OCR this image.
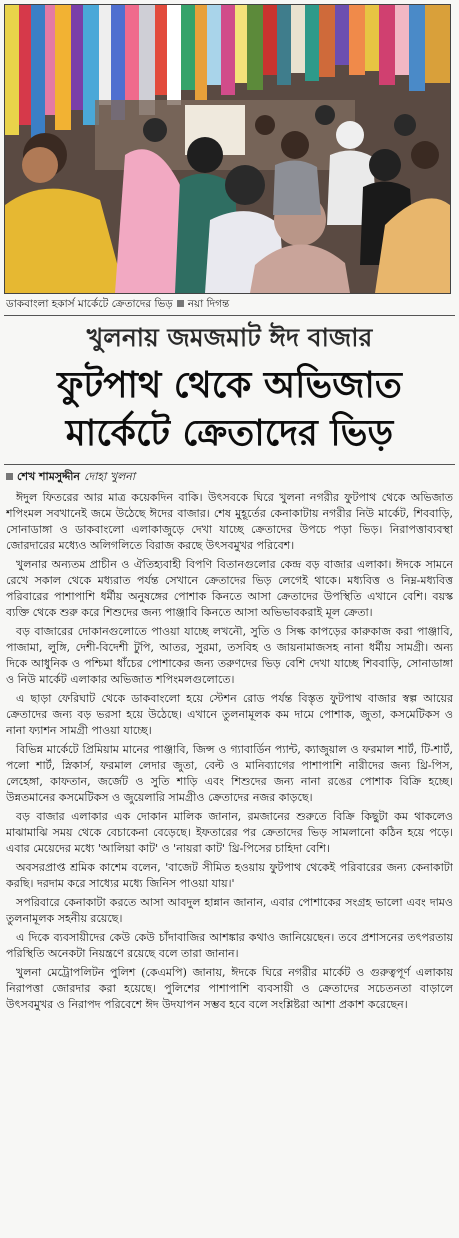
ডাকবাংলা হকার্স মার্কেটে ক্রেতাদের ভিড় নয়া দিগন্ত
খুলনায় জমজমাট ঈদ বাজার
ফুটপাথ থেকে অভিজাত
মার্কেটে ক্রেতাদের ভিড়
শেখ শামসুদ্দীন দোহা খুলনা

ঈদুল ফিতরের আর মাত্র কয়েকদিন বাকি। উৎসবকে ঘিরে খুলনা নগরীর ফুটপাথ থেকে অভিজাত শপিংমল সবখানেই জমে উঠেছে ঈদের বাজার। শেষ মুহূর্তের কেনাকাটায় নগরীর নিউ মার্কেট, শিববাড়ি, সোনাডাঙ্গা ও ডাকবাংলো এলাকাজুড়ে দেখা যাচ্ছে ক্রেতাদের উপচে পড়া ভিড়। নিরাপত্তাব্যবস্থা জোরদারের মধ্যেও অলিগলিতে বিরাজ করছে উৎসবমুখর পরিবেশ।

খুলনার অন্যতম প্রাচীন ও ঐতিহ্যবাহী বিপণি বিতানগুলোর কেন্দ্র বড় বাজার এলাকা। ঈদকে সামনে রেখে সকাল থেকে মধ্যরাত পর্যন্ত সেখানে ক্রেতাদের ভিড় লেগেই থাকে। মধ্যবিত্ত ও নিম্ন-মধ্যবিত্ত পরিবারের পাশাপাশি ধর্মীয় অনুষঙ্গের পোশাক কিনতে আসা ক্রেতাদের উপস্থিতি এখানে বেশি। বয়স্ক ব্যক্তি থেকে শুরু করে শিশুদের জন্য পাঞ্জাবি কিনতে আসা অভিভাবকরাই মূল ক্রেতা।

বড় বাজারের দোকানগুলোতে পাওয়া যাচ্ছে লখনৌ, সুতি ও সিল্ক কাপড়ের কারুকাজ করা পাঞ্জাবি, পাজামা, লুঙ্গি, দেশী-বিদেশী টুপি, আতর, সুরমা, তসবিহ ও জায়নামাজসহ নানা ধর্মীয় সামগ্রী। অন্য দিকে আধুনিক ও পশ্চিমা ধাঁচের পোশাকের জন্য তরুণদের ভিড় বেশি দেখা যাচ্ছে শিববাড়ি, সোনাডাঙ্গা ও নিউ মার্কেট এলাকার অভিজাত শপিংমলগুলোতে।

এ ছাড়া ফেরিঘাট থেকে ডাকবাংলো হয়ে স্টেশন রোড পর্যন্ত বিস্তৃত ফুটপাথ বাজার স্বল্প আয়ের ক্রেতাদের জন্য বড় ভরসা হয়ে উঠেছে। এখানে তুলনামূলক কম দামে পোশাক, জুতা, কসমেটিকস ও নানা ফ্যাশন সামগ্রী পাওয়া যাচ্ছে।

বিভিন্ন মার্কেটে প্রিমিয়াম মানের পাঞ্জাবি, জিন্স ও গ্যাবার্ডিন প্যান্ট, ক্যাজুয়াল ও ফরমাল শার্ট, টি-শার্ট, পলো শার্ট, স্নিকার্স, ফরমাল লেদার জুতা, বেল্ট ও মানিব্যাগের পাশাপাশি নারীদের জন্য থ্রি-পিস, লেহেঙ্গা, কাফতান, জর্জেট ও সুতি শাড়ি এবং শিশুদের জন্য নানা রঙের পোশাক বিক্রি হচ্ছে। উন্নতমানের কসমেটিকস ও জুয়েলারি সামগ্রীও ক্রেতাদের নজর কাড়ছে।

বড় বাজার এলাকার এক দোকান মালিক জানান, রমজানের শুরুতে বিক্রি কিছুটা কম থাকলেও মাঝামাঝি সময় থেকে বেচাকেনা বেড়েছে। ইফতারের পর ক্রেতাদের ভিড় সামলানো কঠিন হয়ে পড়ে। এবার মেয়েদের মধ্যে 'আলিয়া কাট' ও 'নায়রা কাট' থ্রি-পিসের চাহিদা বেশি।

অবসরপ্রাপ্ত শ্রমিক কাশেম বলেন, 'বাজেট সীমিত হওয়ায় ফুটপাথ থেকেই পরিবারের জন্য কেনাকাটা করছি। দরদাম করে সাধ্যের মধ্যে জিনিস পাওয়া যায়।'

সপরিবারে কেনাকাটা করতে আসা আবদুল হান্নান জানান, এবার পোশাকের সংগ্রহ ভালো এবং দামও তুলনামূলক সহনীয় রয়েছে।

এ দিকে ব্যবসায়ীদের কেউ কেউ চাঁদাবাজির আশঙ্কার কথাও জানিয়েছেন। তবে প্রশাসনের তৎপরতায় পরিস্থিতি অনেকটা নিয়ন্ত্রণে রয়েছে বলে তারা জানান।

খুলনা মেট্রোপলিটন পুলিশ (কেএমপি) জানায়, ঈদকে ঘিরে নগরীর মার্কেট ও গুরুত্বপূর্ণ এলাকায় নিরাপত্তা জোরদার করা হয়েছে। পুলিশের পাশাপাশি ব্যবসায়ী ও ক্রেতাদের সচেতনতা বাড়ালে উৎসবমুখর ও নিরাপদ পরিবেশে ঈদ উদযাপন সম্ভব হবে বলে সংশ্লিষ্টরা আশা প্রকাশ করেছেন।
